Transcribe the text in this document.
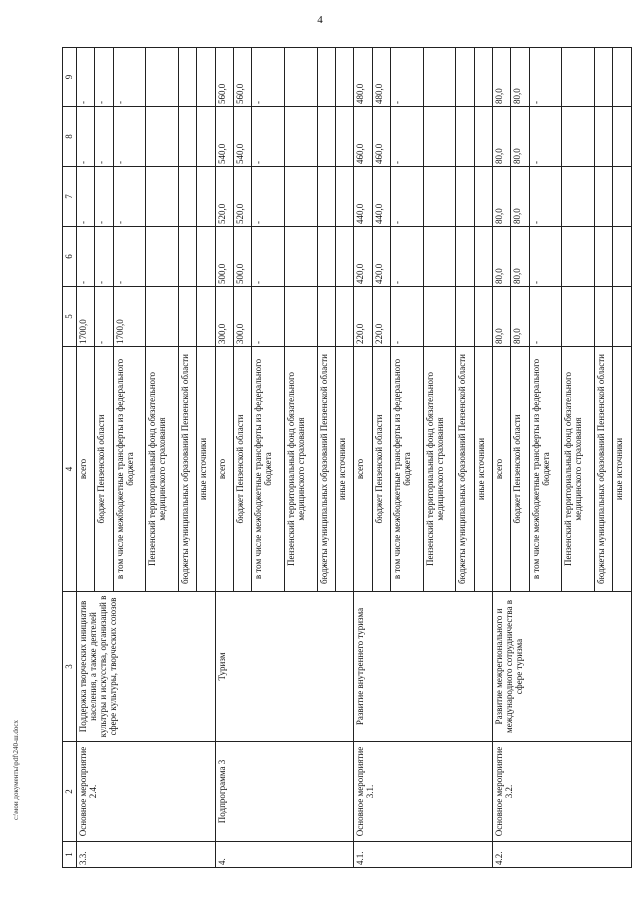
4
1	2	3	4	5	6	7	8	9
3.3.	Основное мероприятие 2.4.	Поддержка творческих инициатив населения, а также деятелей культуры и искусства, организаций в сфере культуры, творческих союзов	всего	1700,0	-	-	-	-

			бюджет Пензенской области	-	-	-	-	-

			в том числе межбюджетные трансферты из федерального бюджета	1700,0	-	-	-	-

			Пензенский территориальный фонд обязательного медицинского страхования					

			бюджеты муниципальных образований Пензенской области					

			иные источники					

4.	Подпрограмма 3	Туризм	всего	300,0	500,0	520,0	540,0	560,0

			бюджет Пензенской области	300,0	500,0	520,0	540,0	560,0

			в том числе межбюджетные трансферты из федерального бюджета	-	-	-	-	-

			Пензенский территориальный фонд обязательного медицинского страхования					

			бюджеты муниципальных образований Пензенской области					

			иные источники					

4.1.	Основное мероприятие 3.1.	Развитие внутреннего туризма	всего	220,0	420,0	440,0	460,0	480,0

			бюджет Пензенской области	220,0	420,0	440,0	460,0	480,0

			в том числе межбюджетные трансферты из федерального бюджета	-	-	-	-	-

			Пензенский территориальный фонд обязательного медицинского страхования					

			бюджеты муниципальных образований Пензенской области					

			иные источники					

4.2.	Основное мероприятие 3.2.	Развитие межрегионального и международного сотрудничества в сфере туризма	всего	80,0	80,0	80,0	80,0	80,0

			бюджет Пензенской области	80,0	80,0	80,0	80,0	80,0

			в том числе межбюджетные трансферты из федерального бюджета	-	-	-	-	-

			Пензенский территориальный фонд обязательного медицинского страхования					

			бюджеты муниципальных образований Пензенской области					

			иные источники					

c:\мои документы\pdf\240-ш.docx
